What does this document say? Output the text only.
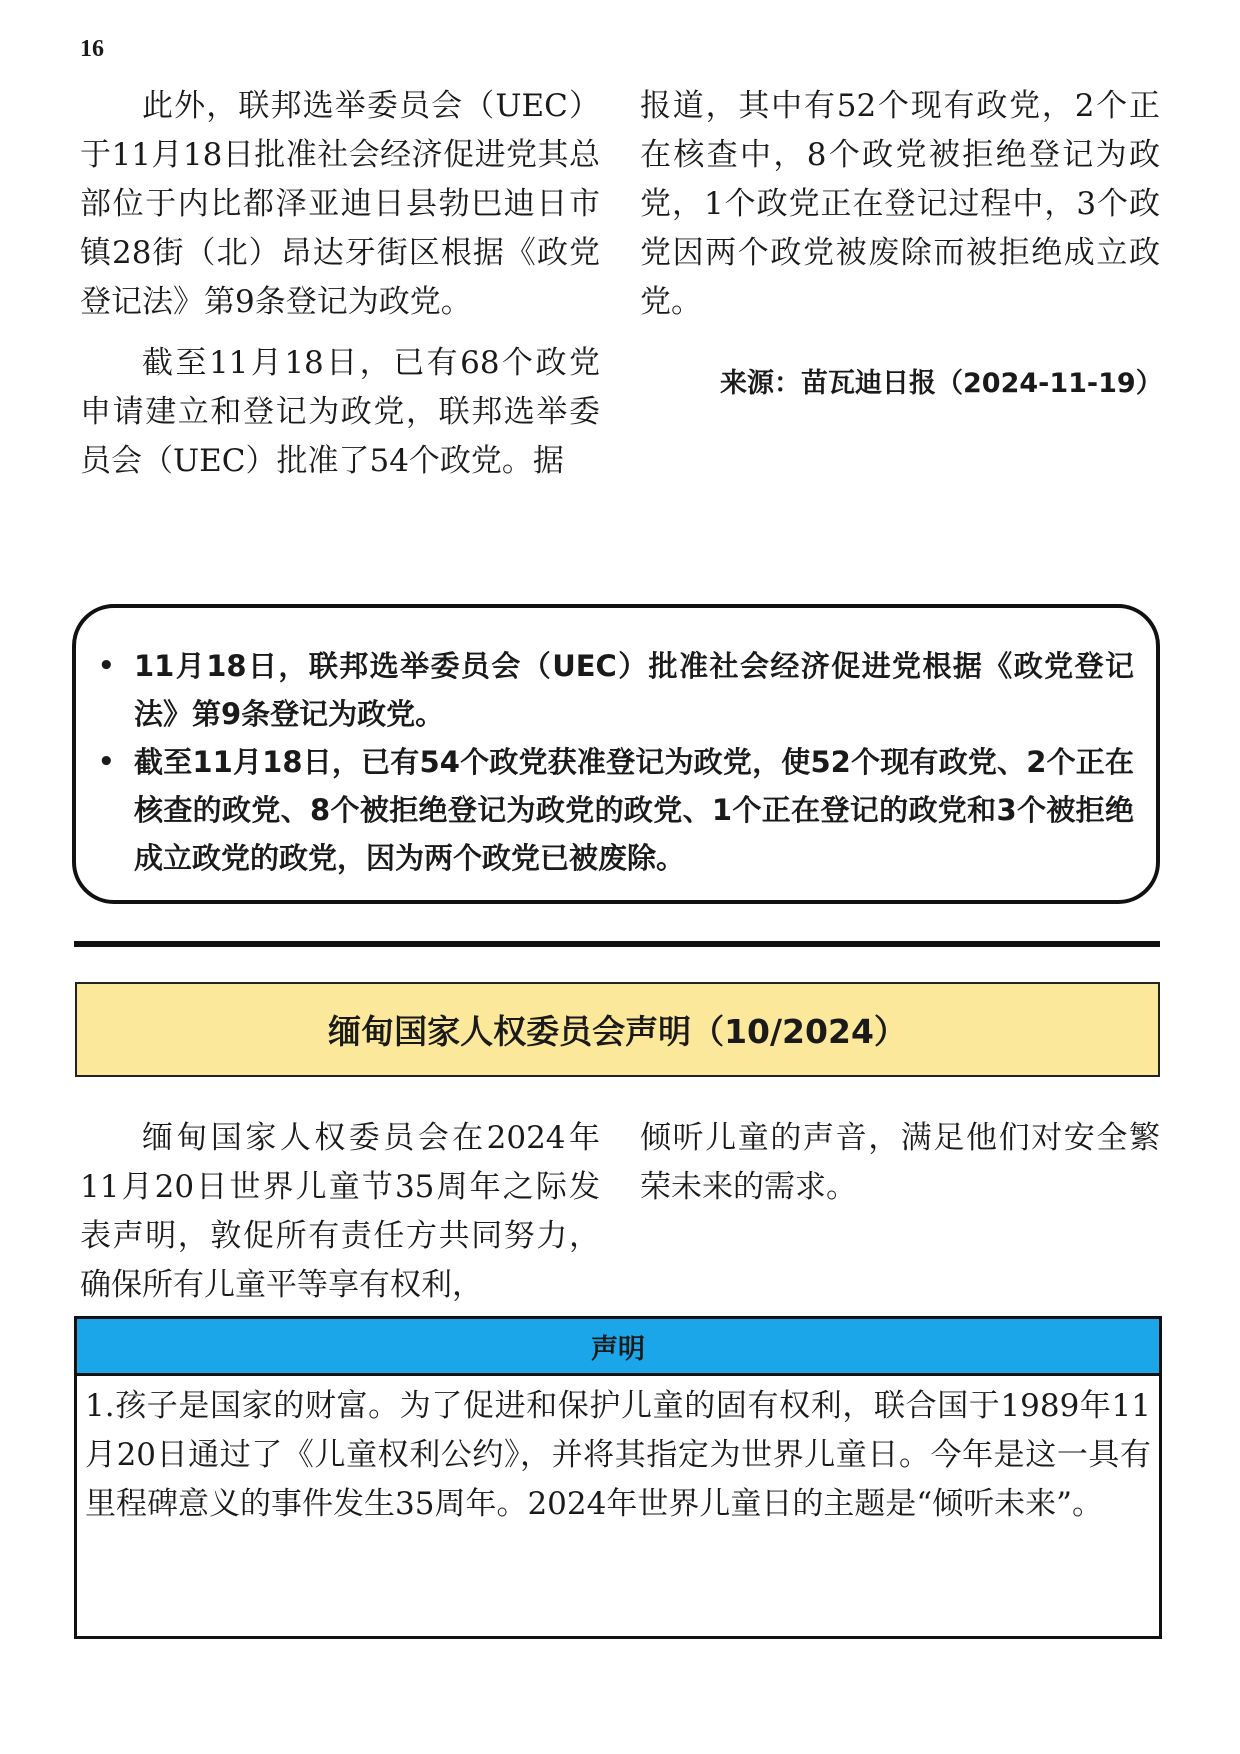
16

此外，联邦选举委员会（UEC）于11月18日批准社会经济促进党其总部位于内比都泽亚迪日县勃巴迪日市镇28街（北）昂达牙街区根据《政党登记法》第9条登记为政党。

截至11月18日，已有68个政党申请建立和登记为政党，联邦选举委员会（UEC）批准了54个政党。据

报道，其中有52个现有政党，2个正在核查中，8个政党被拒绝登记为政党，1个政党正在登记过程中，3个政党因两个政党被废除而被拒绝成立政党。

来源：苗瓦迪日报（2024-11-19）
• 11月18日，联邦选举委员会（UEC）批准社会经济促进党根据《政党登记法》第9条登记为政党。
• 截至11月18日，已有54个政党获准登记为政党，使52个现有政党、2个正在核查的政党、8个被拒绝登记为政党的政党、1个正在登记的政党和3个被拒绝成立政党的政党，因为两个政党已被废除。
缅甸国家人权委员会声明（10/2024）

缅甸国家人权委员会在2024年11月20日世界儿童节35周年之际发表声明，敦促所有责任方共同努力，确保所有儿童平等享有权利，

倾听儿童的声音，满足他们对安全繁荣未来的需求。

声明
1.孩子是国家的财富。为了促进和保护儿童的固有权利，联合国于1989年11月20日通过了《儿童权利公约》，并将其指定为世界儿童日。今年是这一具有里程碑意义的事件发生35周年。2024年世界儿童日的主题是“倾听未来”。
